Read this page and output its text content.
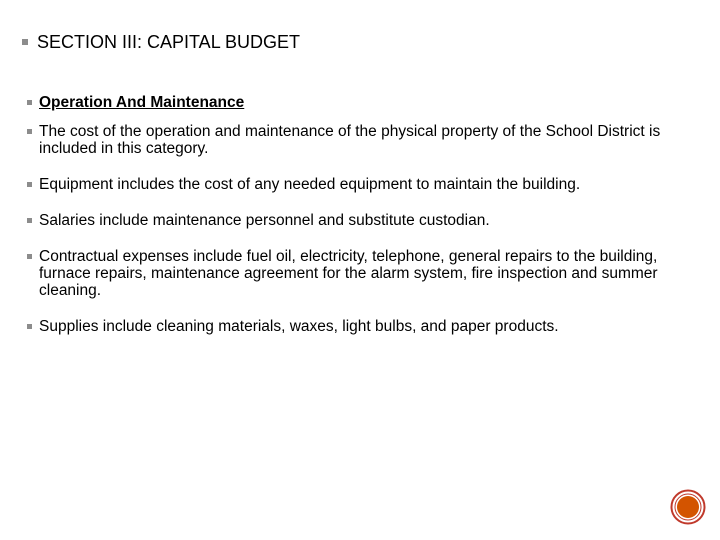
SECTION III: CAPITAL BUDGET
Operation And Maintenance
The cost of the operation and maintenance of the physical property of the School District is included in this category.
Equipment includes the cost of any needed equipment to maintain the building.
Salaries include maintenance personnel and substitute custodian.
Contractual expenses include fuel oil, electricity, telephone, general repairs to the building, furnace repairs, maintenance agreement for the alarm system, fire inspection and summer cleaning.
Supplies include cleaning materials, waxes, light bulbs, and paper products.
